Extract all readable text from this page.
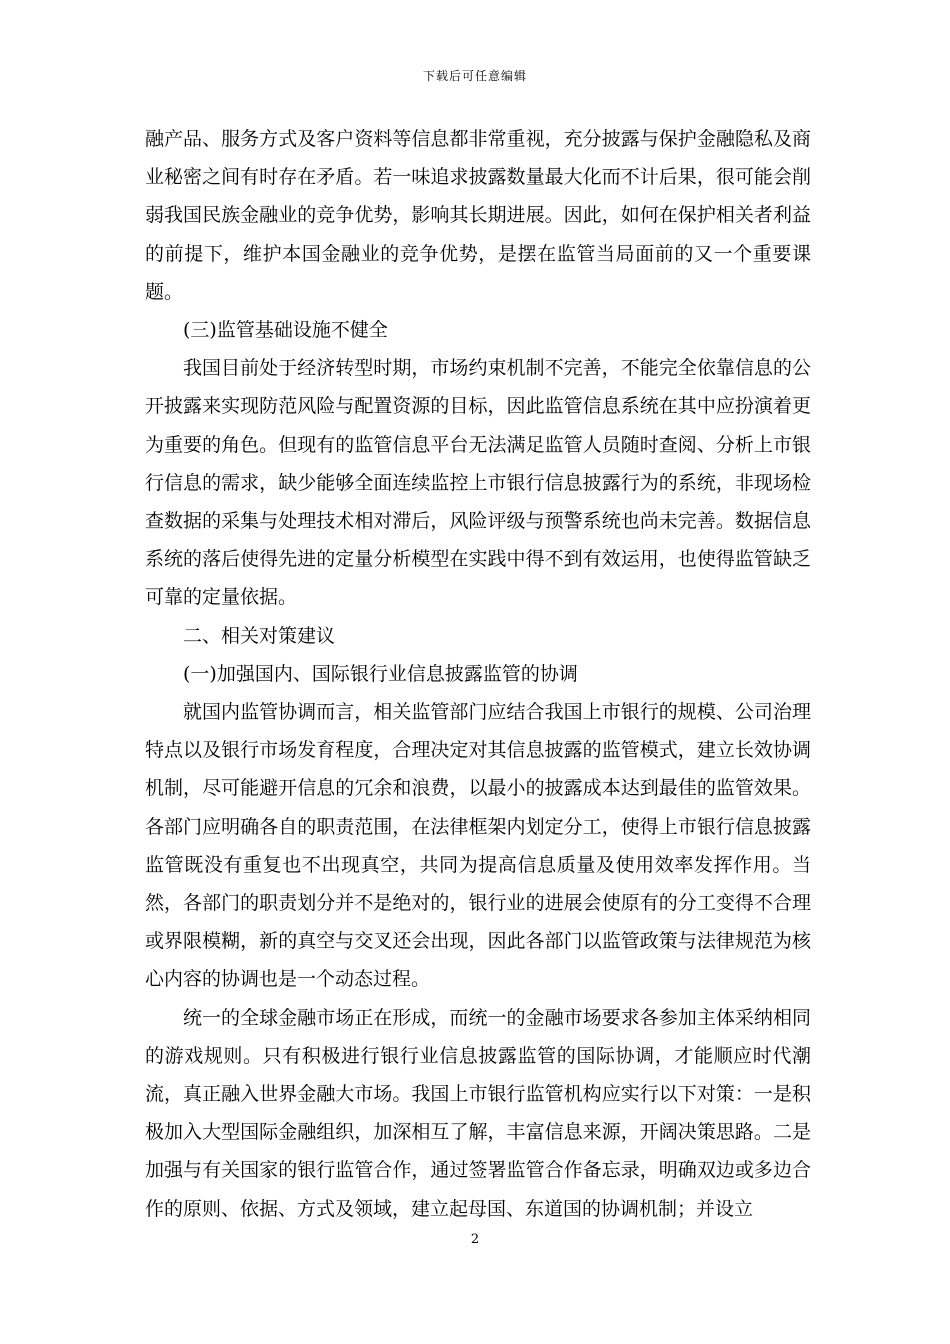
下载后可任意编辑

融产品、服务方式及客户资料等信息都非常重视，充分披露与保护金融隐私及商业秘密之间有时存在矛盾。若一味追求披露数量最大化而不计后果，很可能会削弱我国民族金融业的竞争优势，影响其长期进展。因此，如何在保护相关者利益的前提下，维护本国金融业的竞争优势，是摆在监管当局面前的又一个重要课题。

(三)监管基础设施不健全

我国目前处于经济转型时期，市场约束机制不完善，不能完全依靠信息的公开披露来实现防范风险与配置资源的目标，因此监管信息系统在其中应扮演着更为重要的角色。但现有的监管信息平台无法满足监管人员随时查阅、分析上市银行信息的需求，缺少能够全面连续监控上市银行信息披露行为的系统，非现场检查数据的采集与处理技术相对滞后，风险评级与预警系统也尚未完善。数据信息系统的落后使得先进的定量分析模型在实践中得不到有效运用，也使得监管缺乏可靠的定量依据。

二、相关对策建议

(一)加强国内、国际银行业信息披露监管的协调

就国内监管协调而言，相关监管部门应结合我国上市银行的规模、公司治理特点以及银行市场发育程度，合理决定对其信息披露的监管模式，建立长效协调机制，尽可能避开信息的冗余和浪费，以最小的披露成本达到最佳的监管效果。各部门应明确各自的职责范围，在法律框架内划定分工，使得上市银行信息披露监管既没有重复也不出现真空，共同为提高信息质量及使用效率发挥作用。当然，各部门的职责划分并不是绝对的，银行业的进展会使原有的分工变得不合理或界限模糊，新的真空与交叉还会出现，因此各部门以监管政策与法律规范为核心内容的协调也是一个动态过程。

统一的全球金融市场正在形成，而统一的金融市场要求各参加主体采纳相同的游戏规则。只有积极进行银行业信息披露监管的国际协调，才能顺应时代潮流，真正融入世界金融大市场。我国上市银行监管机构应实行以下对策：一是积极加入大型国际金融组织，加深相互了解，丰富信息来源，开阔决策思路。二是加强与有关国家的银行监管合作，通过签署监管合作备忘录，明确双边或多边合作的原则、依据、方式及领域，建立起母国、东道国的协调机制；并设立

2
